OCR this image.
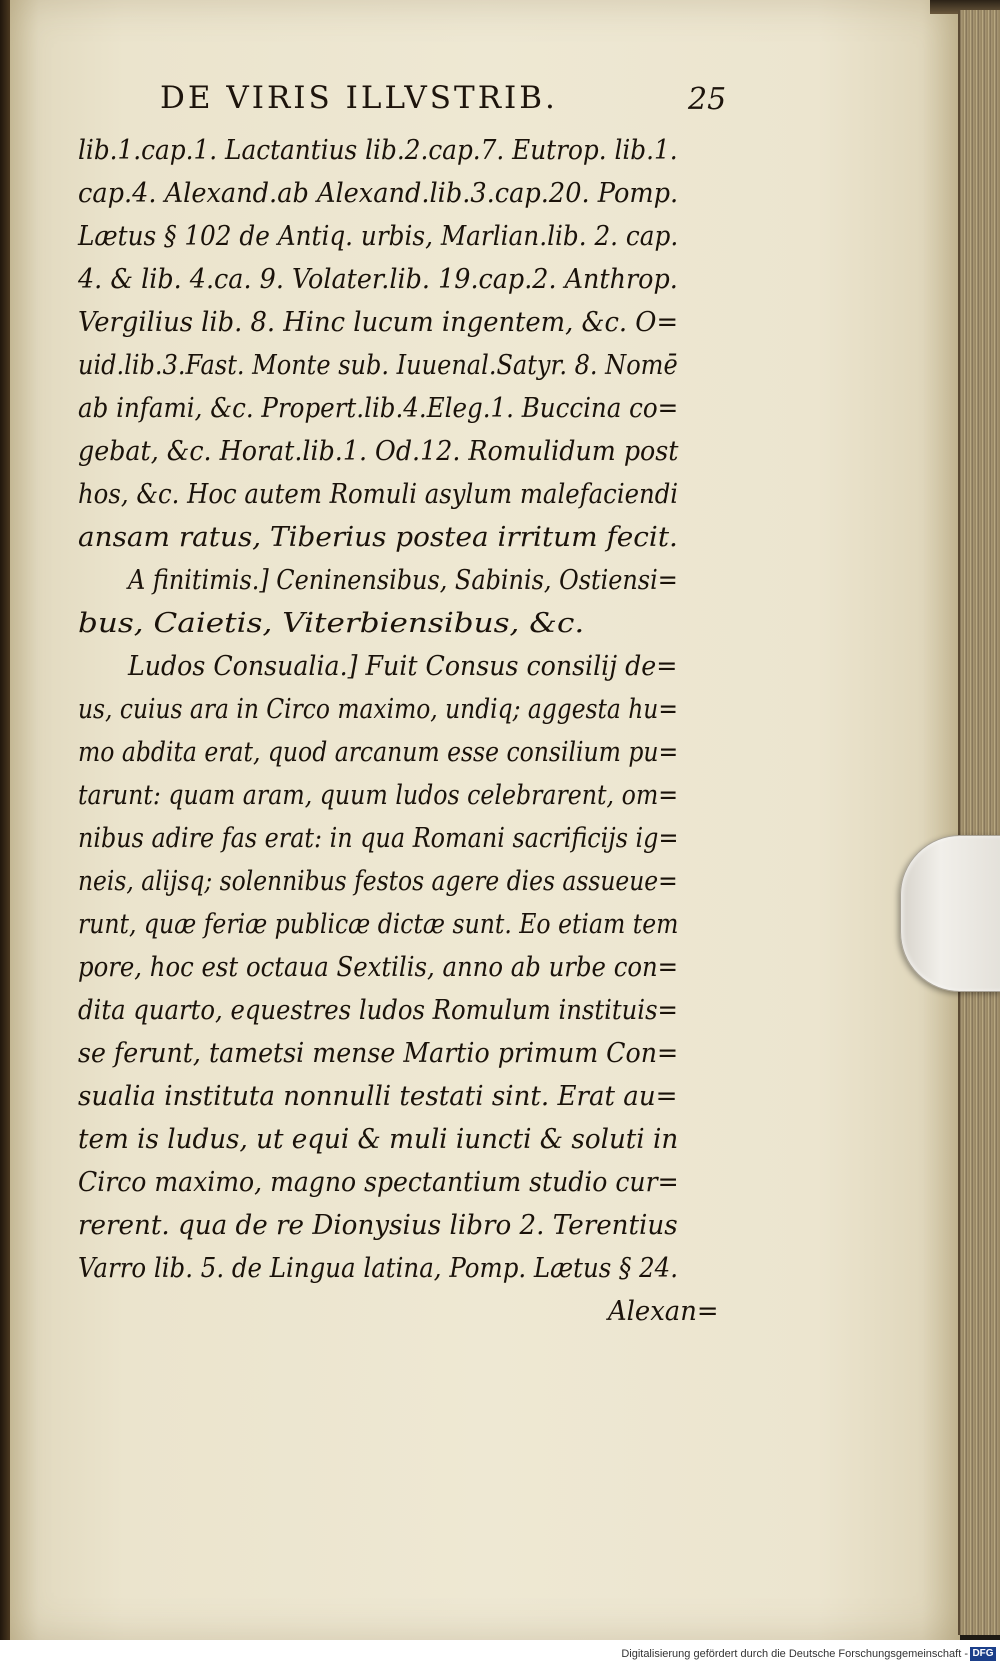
DE VIRIS ILLVSTRIB.	25
lib.1.cap.1. Lactantius lib.2.cap.7. Eutrop. lib.1.
cap.4. Alexand.ab Alexand.lib.3.cap.20. Pomp.
Lætus § 102 de Antiq. urbis, Marlian.lib. 2. cap.
4. & lib. 4.ca. 9. Volater.lib. 19.cap.2. Anthrop.
Vergilius lib. 8. Hinc lucum ingentem, &c. O=
uid.lib.3.Fast. Monte sub. Iuuenal.Satyr. 8. Nomē
ab infami, &c. Propert.lib.4.Eleg.1. Buccina co=
gebat, &c. Horat.lib.1. Od.12. Romulidum post
hos, &c. Hoc autem Romuli asylum malefaciendi
ansam ratus, Tiberius postea irritum fecit.
A finitimis.] Ceninensibus, Sabinis, Ostiensi=
bus, Caietis, Viterbiensibus, &c.
Ludos Consualia.] Fuit Consus consilij de=
us, cuius ara in Circo maximo, undiq; aggesta hu=
mo abdita erat, quod arcanum esse consilium pu=
tarunt: quam aram, quum ludos celebrarent, om=
nibus adire fas erat: in qua Romani sacrificijs ig=
neis, alijsq; solennibus festos agere dies assueue=
runt, quæ feriæ publicæ dictæ sunt. Eo etiam tem
pore, hoc est octaua Sextilis, anno ab urbe con=
dita quarto, equestres ludos Romulum instituis=
se ferunt, tametsi mense Martio primum Con=
sualia instituta nonnulli testati sint. Erat au=
tem is ludus, ut equi & muli iuncti & soluti in
Circo maximo, magno spectantium studio cur=
rerent. qua de re Dionysius libro 2. Terentius
Varro lib. 5. de Lingua latina, Pomp. Lætus § 24.
Alexan=
Digitalisierung gefördert durch die Deutsche Forschungsgemeinschaft - DFG
